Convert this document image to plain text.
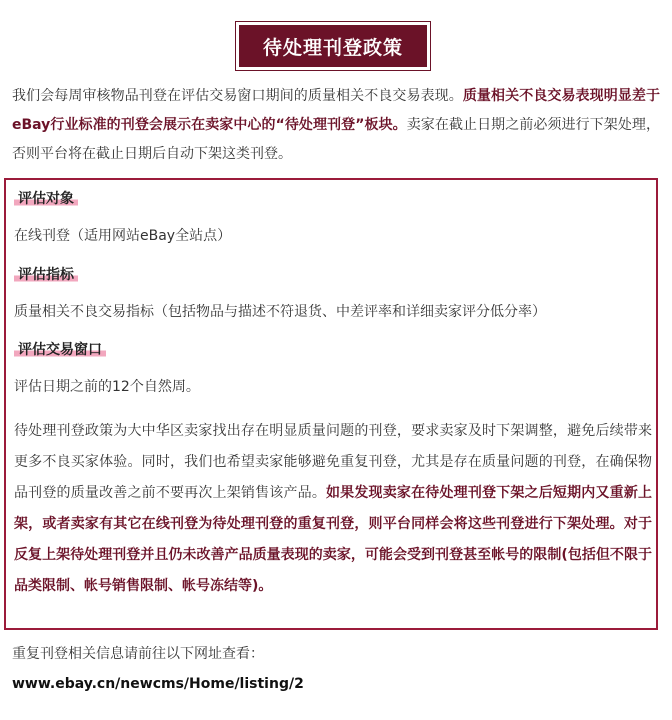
待处理刊登政策
我们会每周审核物品刊登在评估交易窗口期间的质量相关不良交易表现。质量相关不良交易表现明显差于eBay行业标准的刊登会展示在卖家中心的“待处理刊登”板块。卖家在截止日期之前必须进行下架处理，否则平台将在截止日期后自动下架这类刊登。
评估对象
在线刊登（适用网站eBay全站点）
评估指标
质量相关不良交易指标（包括物品与描述不符退货、中差评率和详细卖家评分低分率）
评估交易窗口
评估日期之前的12个自然周。
待处理刊登政策为大中华区卖家找出存在明显质量问题的刊登，要求卖家及时下架调整，避免后续带来更多不良买家体验。同时，我们也希望卖家能够避免重复刊登，尤其是存在质量问题的刊登，在确保物品刊登的质量改善之前不要再次上架销售该产品。如果发现卖家在待处理刊登下架之后短期内又重新上架，或者卖家有其它在线刊登为待处理刊登的重复刊登，则平台同样会将这些刊登进行下架处理。对于反复上架待处理刊登并且仍未改善产品质量表现的卖家，可能会受到刊登甚至帐号的限制(包括但不限于品类限制、帐号销售限制、帐号冻结等)。
重复刊登相关信息请前往以下网址查看：
www.ebay.cn/newcms/Home/listing/2
